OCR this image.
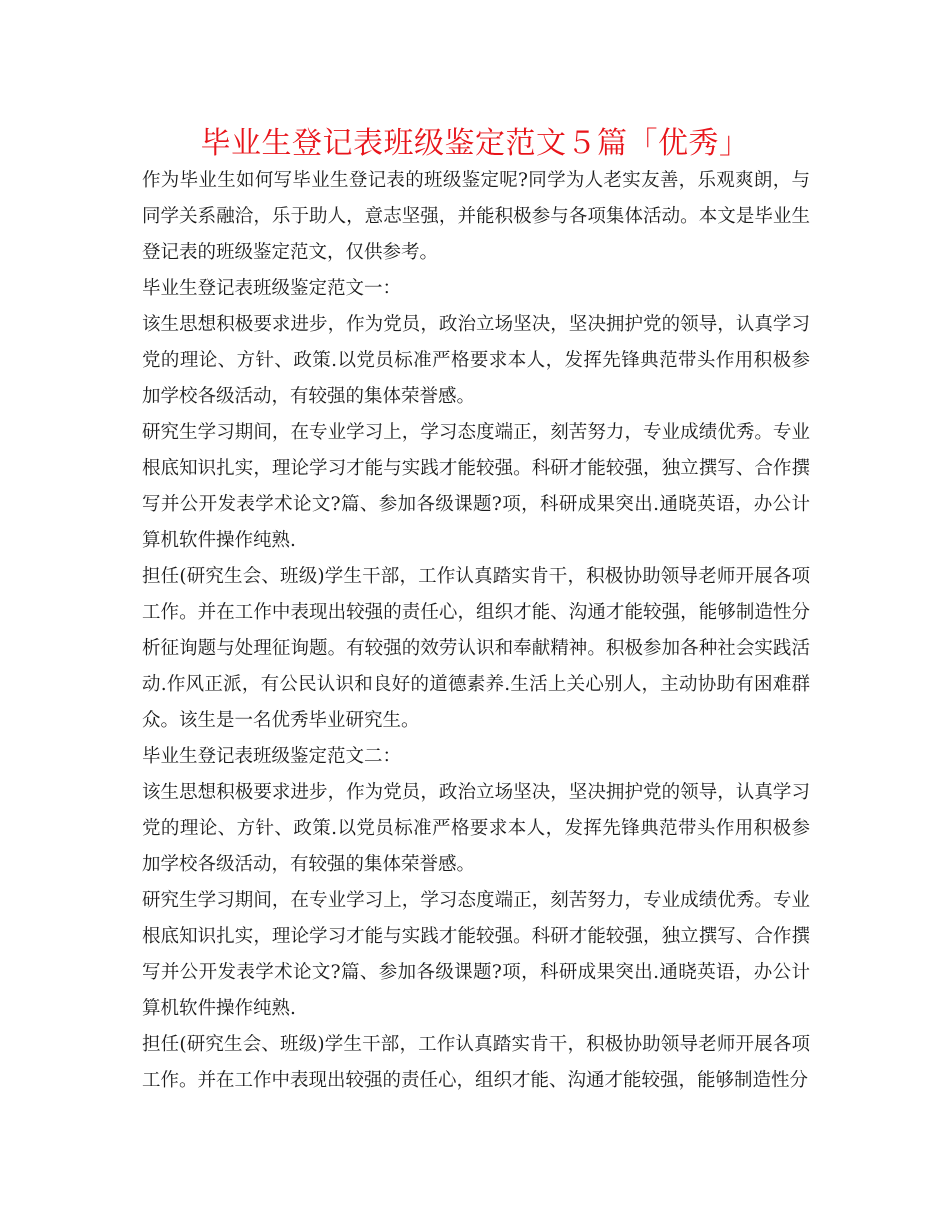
毕业生登记表班级鉴定范文５篇「优秀」

作为毕业生如何写毕业生登记表的班级鉴定呢?同学为人老实友善，乐观爽朗，与同学关系融洽，乐于助人，意志坚强，并能积极参与各项集体活动。本文是毕业生登记表的班级鉴定范文，仅供参考。

毕业生登记表班级鉴定范文一：

该生思想积极要求进步，作为党员，政治立场坚决，坚决拥护党的领导，认真学习党的理论、方针、政策.以党员标准严格要求本人，发挥先锋典范带头作用积极参加学校各级活动，有较强的集体荣誉感。

研究生学习期间，在专业学习上，学习态度端正，刻苦努力，专业成绩优秀。专业根底知识扎实，理论学习才能与实践才能较强。科研才能较强，独立撰写、合作撰写并公开发表学术论文?篇、参加各级课题?项，科研成果突出.通晓英语，办公计算机软件操作纯熟.

担任(研究生会、班级)学生干部，工作认真踏实肯干，积极协助领导老师开展各项工作。并在工作中表现出较强的责任心，组织才能、沟通才能较强，能够制造性分析征询题与处理征询题。有较强的效劳认识和奉献精神。积极参加各种社会实践活动.作风正派，有公民认识和良好的道德素养.生活上关心别人，主动协助有困难群众。该生是一名优秀毕业研究生。

毕业生登记表班级鉴定范文二：

该生思想积极要求进步，作为党员，政治立场坚决，坚决拥护党的领导，认真学习党的理论、方针、政策.以党员标准严格要求本人，发挥先锋典范带头作用积极参加学校各级活动，有较强的集体荣誉感。

研究生学习期间，在专业学习上，学习态度端正，刻苦努力，专业成绩优秀。专业根底知识扎实，理论学习才能与实践才能较强。科研才能较强，独立撰写、合作撰写并公开发表学术论文?篇、参加各级课题?项，科研成果突出.通晓英语，办公计算机软件操作纯熟.

担任(研究生会、班级)学生干部，工作认真踏实肯干，积极协助领导老师开展各项工作。并在工作中表现出较强的责任心，组织才能、沟通才能较强，能够制造性分
